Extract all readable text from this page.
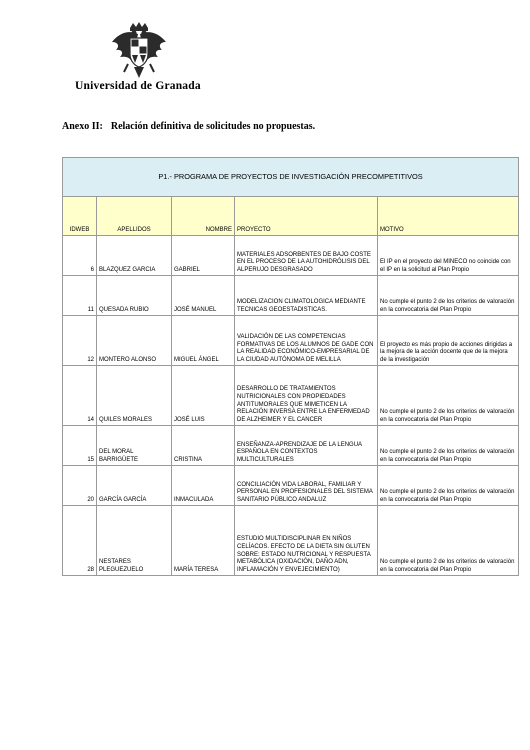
Universidad de Granada
Anexo II: Relación definitiva de solicitudes no propuestas.
P1.- PROGRAMA DE PROYECTOS DE INVESTIGACIÓN PRECOMPETITIVOS				
IDWEB	APELLIDOS	NOMBRE	PROYECTO	MOTIVO
6	BLAZQUEZ GARCIA	GABRIEL	MATERIALES ADSORBENTES DE BAJO COSTE EN EL PROCESO DE LA AUTOHIDRÓLISIS DEL ALPERUJO DESGRASADO	El IP en el proyecto del MINECO no coincide con el IP en la solicitud al Plan Propio
11	QUESADA RUBIO	JOSÉ MANUEL	MODELIZACION CLIMATOLOGICA MEDIANTE TECNICAS GEOESTADISTICAS.	No cumple el punto 2 de los criterios de valoración en la convocatoria del Plan Propio
12	MONTERO ALONSO	MIGUEL ÁNGEL	VALIDACIÓN DE LAS COMPETENCIAS FORMATIVAS DE LOS ALUMNOS DE GADE CON LA REALIDAD ECONÓMICO-EMPRESARIAL DE LA CIUDAD AUTÓNOMA DE MELILLA	El proyecto es más propio de acciones dirigidas a la mejora de la acción docente que de la mejora de la investigación
14	QUILES MORALES	JOSÉ LUIS	DESARROLLO DE TRATAMIENTOS NUTRICIONALES CON PROPIEDADES ANTITUMORALES QUE MIMETICEN LA RELACIÓN INVERSA ENTRE LA ENFERMEDAD DE ALZHEIMER Y EL CANCER	No cumple el punto 2 de los criterios de valoración en la convocatoria del Plan Propio
15	DEL MORAL BARRIGÜETE	CRISTINA	ENSEÑANZA-APRENDIZAJE DE LA LENGUA ESPAÑOLA EN CONTEXTOS MULTICULTURALES	No cumple el punto 2 de los criterios de valoración en la convocatoria del Plan Propio
20	GARCÍA GARCÍA	INMACULADA	CONCILIACIÓN VIDA LABORAL, FAMILIAR Y PERSONAL EN PROFESIONALES DEL SISTEMA SANITARIO PÚBLICO ANDALUZ	No cumple el punto 2 de los criterios de valoración en la convocatoria del Plan Propio
28	NESTARES PLEGUEZUELO	MARÍA TERESA	ESTUDIO MULTIDISCIPLINAR EN NIÑOS CELÍACOS. EFECTO DE LA DIETA SIN GLUTEN SOBRE: ESTADO NUTRICIONAL Y RESPUESTA METABÓLICA (OXIDACIÓN, DAÑO ADN, INFLAMACIÓN Y ENVEJECIMIENTO)	No cumple el punto 2 de los criterios de valoración en la convocatoria del Plan Propio
